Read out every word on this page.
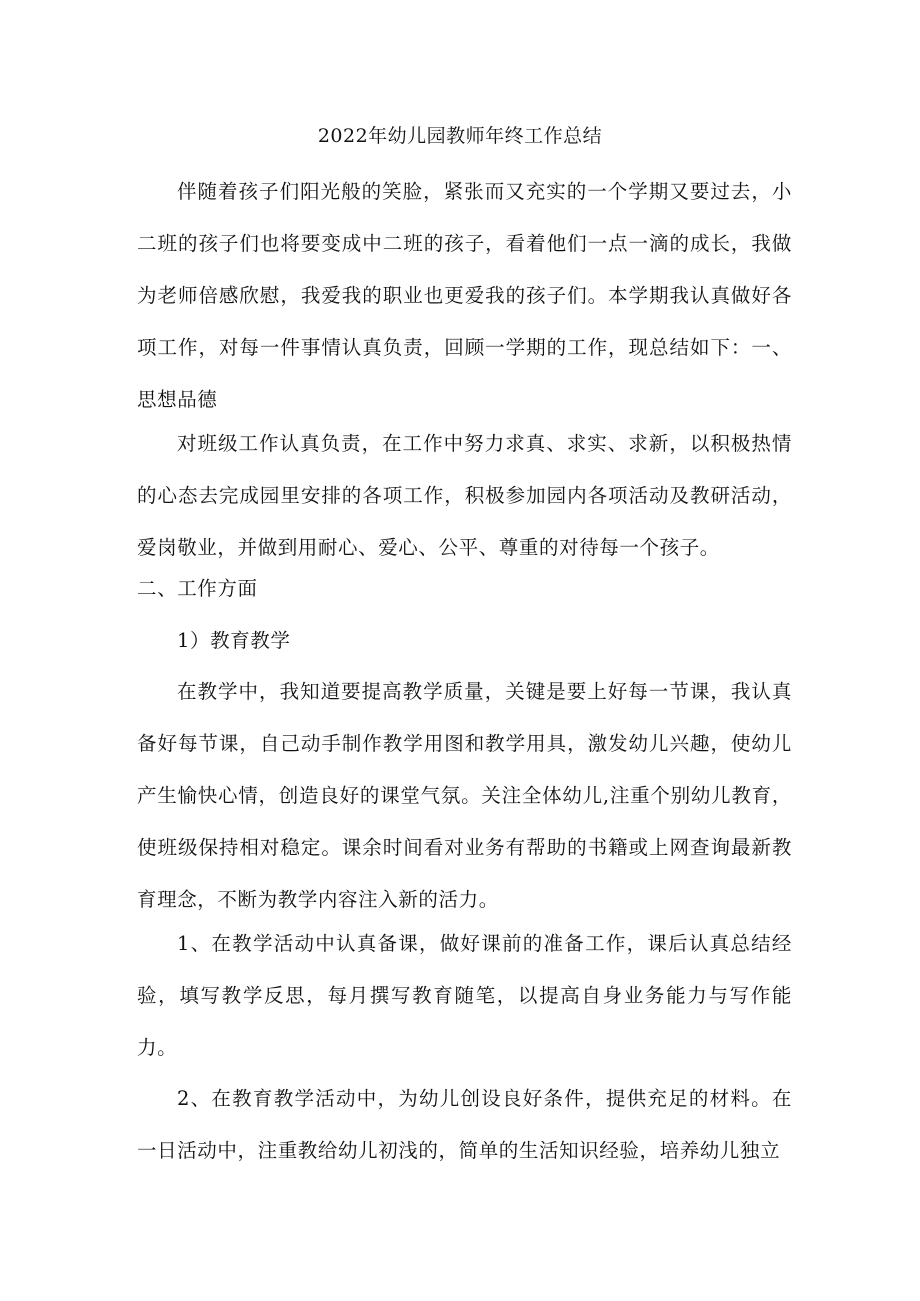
2022年幼儿园教师年终工作总结

伴随着孩子们阳光般的笑脸，紧张而又充实的一个学期又要过去，小二班的孩子们也将要变成中二班的孩子，看着他们一点一滴的成长，我做为老师倍感欣慰，我爱我的职业也更爱我的孩子们。本学期我认真做好各项工作，对每一件事情认真负责，回顾一学期的工作，现总结如下：一、思想品德

对班级工作认真负责，在工作中努力求真、求实、求新，以积极热情的心态去完成园里安排的各项工作，积极参加园内各项活动及教研活动，爱岗敬业，并做到用耐心、爱心、公平、尊重的对待每一个孩子。

二、工作方面

1）教育教学

在教学中，我知道要提高教学质量，关键是要上好每一节课，我认真备好每节课，自己动手制作教学用图和教学用具，激发幼儿兴趣，使幼儿产生愉快心情，创造良好的课堂气氛。关注全体幼儿,注重个别幼儿教育，使班级保持相对稳定。课余时间看对业务有帮助的书籍或上网查询最新教育理念，不断为教学内容注入新的活力。

1、在教学活动中认真备课，做好课前的准备工作，课后认真总结经验，填写教学反思，每月撰写教育随笔，以提高自身业务能力与写作能力。

2、在教育教学活动中，为幼儿创设良好条件，提供充足的材料。在一日活动中，注重教给幼儿初浅的，简单的生活知识经验，培养幼儿独立
